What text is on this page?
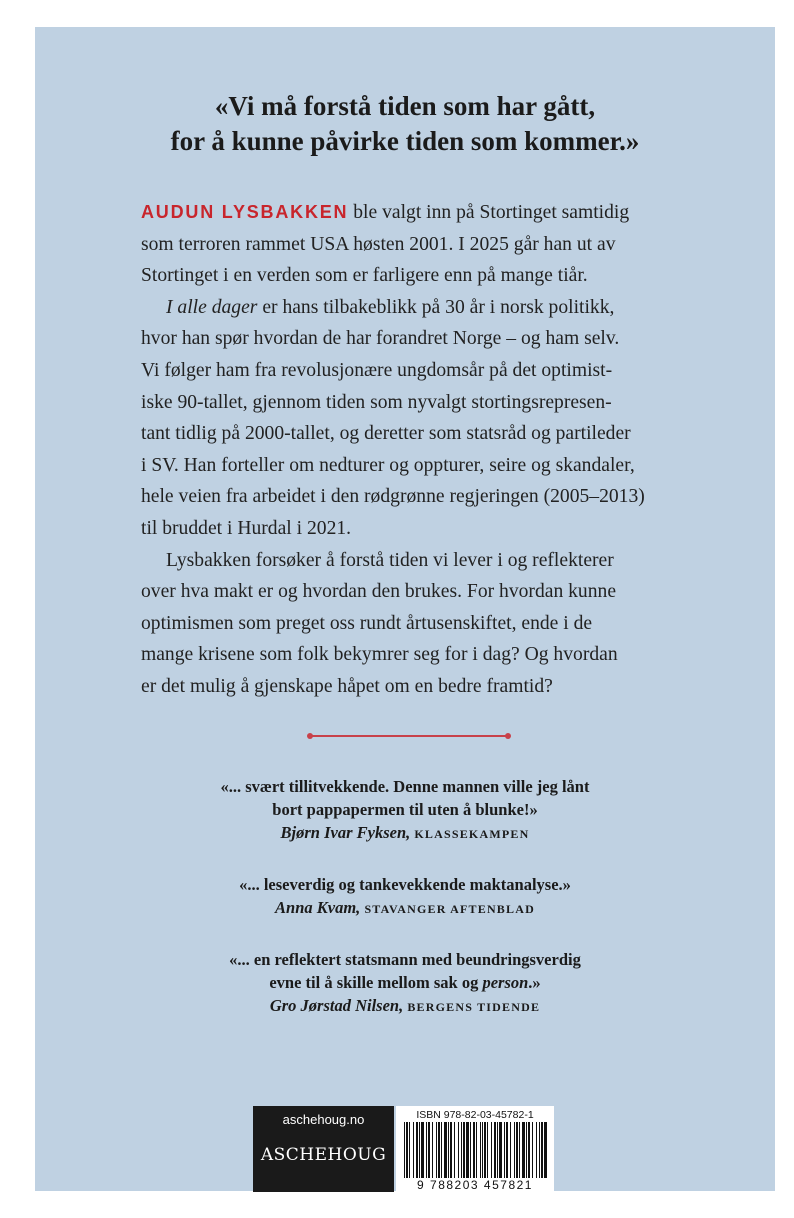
«Vi må forstå tiden som har gått,
for å kunne påvirke tiden som kommer.»
AUDUN LYSBAKKEN ble valgt inn på Stortinget samtidig
som terroren rammet USA høsten 2001. I 2025 går han ut av
Stortinget i en verden som er farligere enn på mange tiår.
I alle dager er hans tilbakeblikk på 30 år i norsk politikk,
hvor han spør hvordan de har forandret Norge – og ham selv.
Vi følger ham fra revolusjonære ungdomsår på det optimist-
iske 90-tallet, gjennom tiden som nyvalgt stortingsrepresen-
tant tidlig på 2000-tallet, og deretter som statsråd og partileder
i SV. Han forteller om nedturer og oppturer, seire og skandaler,
hele veien fra arbeidet i den rødgrønne regjeringen (2005–2013)
til bruddet i Hurdal i 2021.
Lysbakken forsøker å forstå tiden vi lever i og reflekterer
over hva makt er og hvordan den brukes. For hvordan kunne
optimismen som preget oss rundt årtusenskiftet, ende i de
mange krisene som folk bekymrer seg for i dag? Og hvordan
er det mulig å gjenskape håpet om en bedre framtid?
«... svært tillitvekkende. Denne mannen ville jeg lånt
bort pappapermen til uten å blunke!»
Bjørn Ivar Fyksen, KLASSEKAMPEN
«... leseverdig og tankevekkende maktanalyse.»
Anna Kvam, STAVANGER AFTENBLAD
«... en reflektert statsmann med beundringsverdig
evne til å skille mellom sak og person.»
Gro Jørstad Nilsen, BERGENS TIDENDE
aschehoug.no
ASCHEHOUG
ISBN 978-82-03-45782-1
9 788203 457821
